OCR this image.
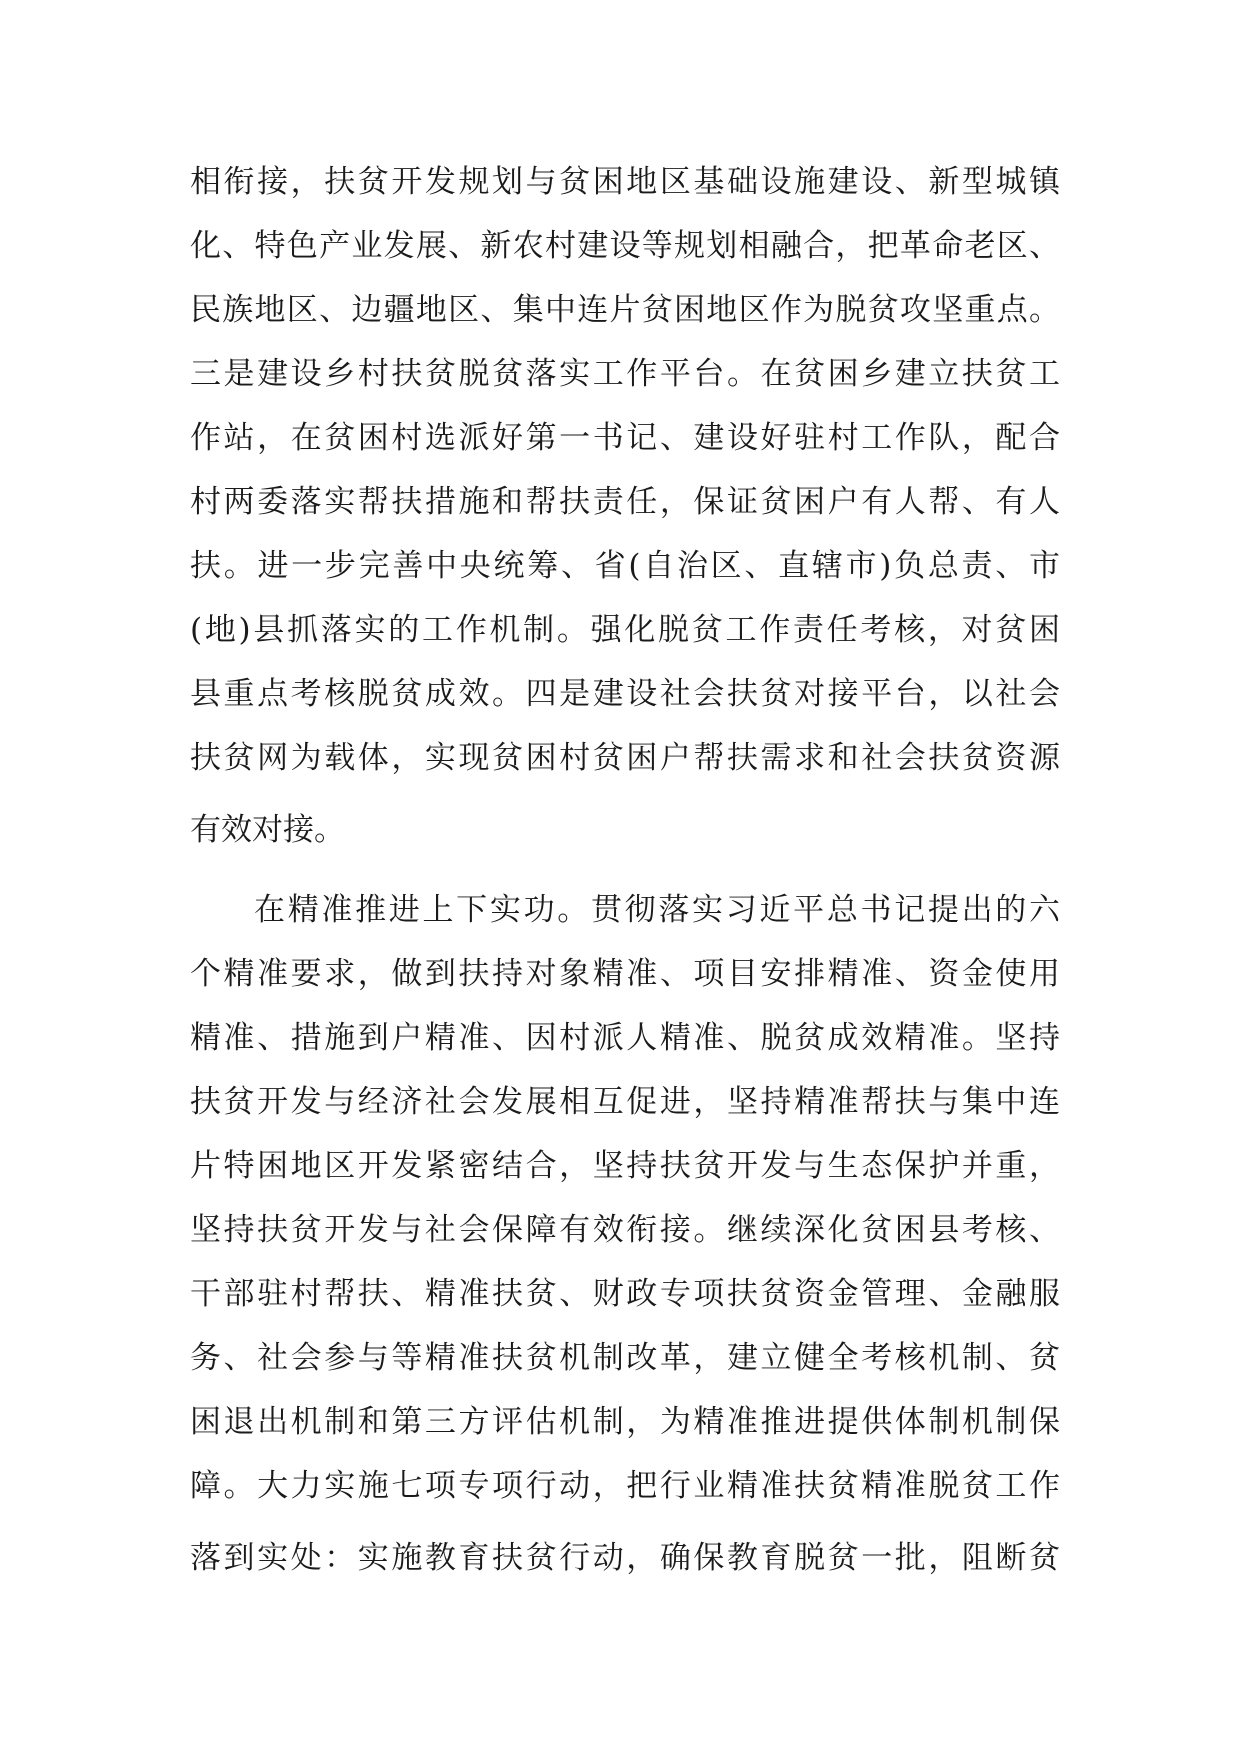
相衔接，扶贫开发规划与贫困地区基础设施建设、新型城镇
化、特色产业发展、新农村建设等规划相融合，把革命老区、
民族地区、边疆地区、集中连片贫困地区作为脱贫攻坚重点。
三是建设乡村扶贫脱贫落实工作平台。在贫困乡建立扶贫工
作站，在贫困村选派好第一书记、建设好驻村工作队，配合
村两委落实帮扶措施和帮扶责任，保证贫困户有人帮、有人
扶。进一步完善中央统筹、省(自治区、直辖市)负总责、市
(地)县抓落实的工作机制。强化脱贫工作责任考核，对贫困
县重点考核脱贫成效。四是建设社会扶贫对接平台，以社会
扶贫网为载体，实现贫困村贫困户帮扶需求和社会扶贫资源
有效对接。
在精准推进上下实功。贯彻落实习近平总书记提出的六
个精准要求，做到扶持对象精准、项目安排精准、资金使用
精准、措施到户精准、因村派人精准、脱贫成效精准。坚持
扶贫开发与经济社会发展相互促进，坚持精准帮扶与集中连
片特困地区开发紧密结合，坚持扶贫开发与生态保护并重，
坚持扶贫开发与社会保障有效衔接。继续深化贫困县考核、
干部驻村帮扶、精准扶贫、财政专项扶贫资金管理、金融服
务、社会参与等精准扶贫机制改革，建立健全考核机制、贫
困退出机制和第三方评估机制，为精准推进提供体制机制保
障。大力实施七项专项行动，把行业精准扶贫精准脱贫工作
落到实处：实施教育扶贫行动，确保教育脱贫一批，阻断贫
